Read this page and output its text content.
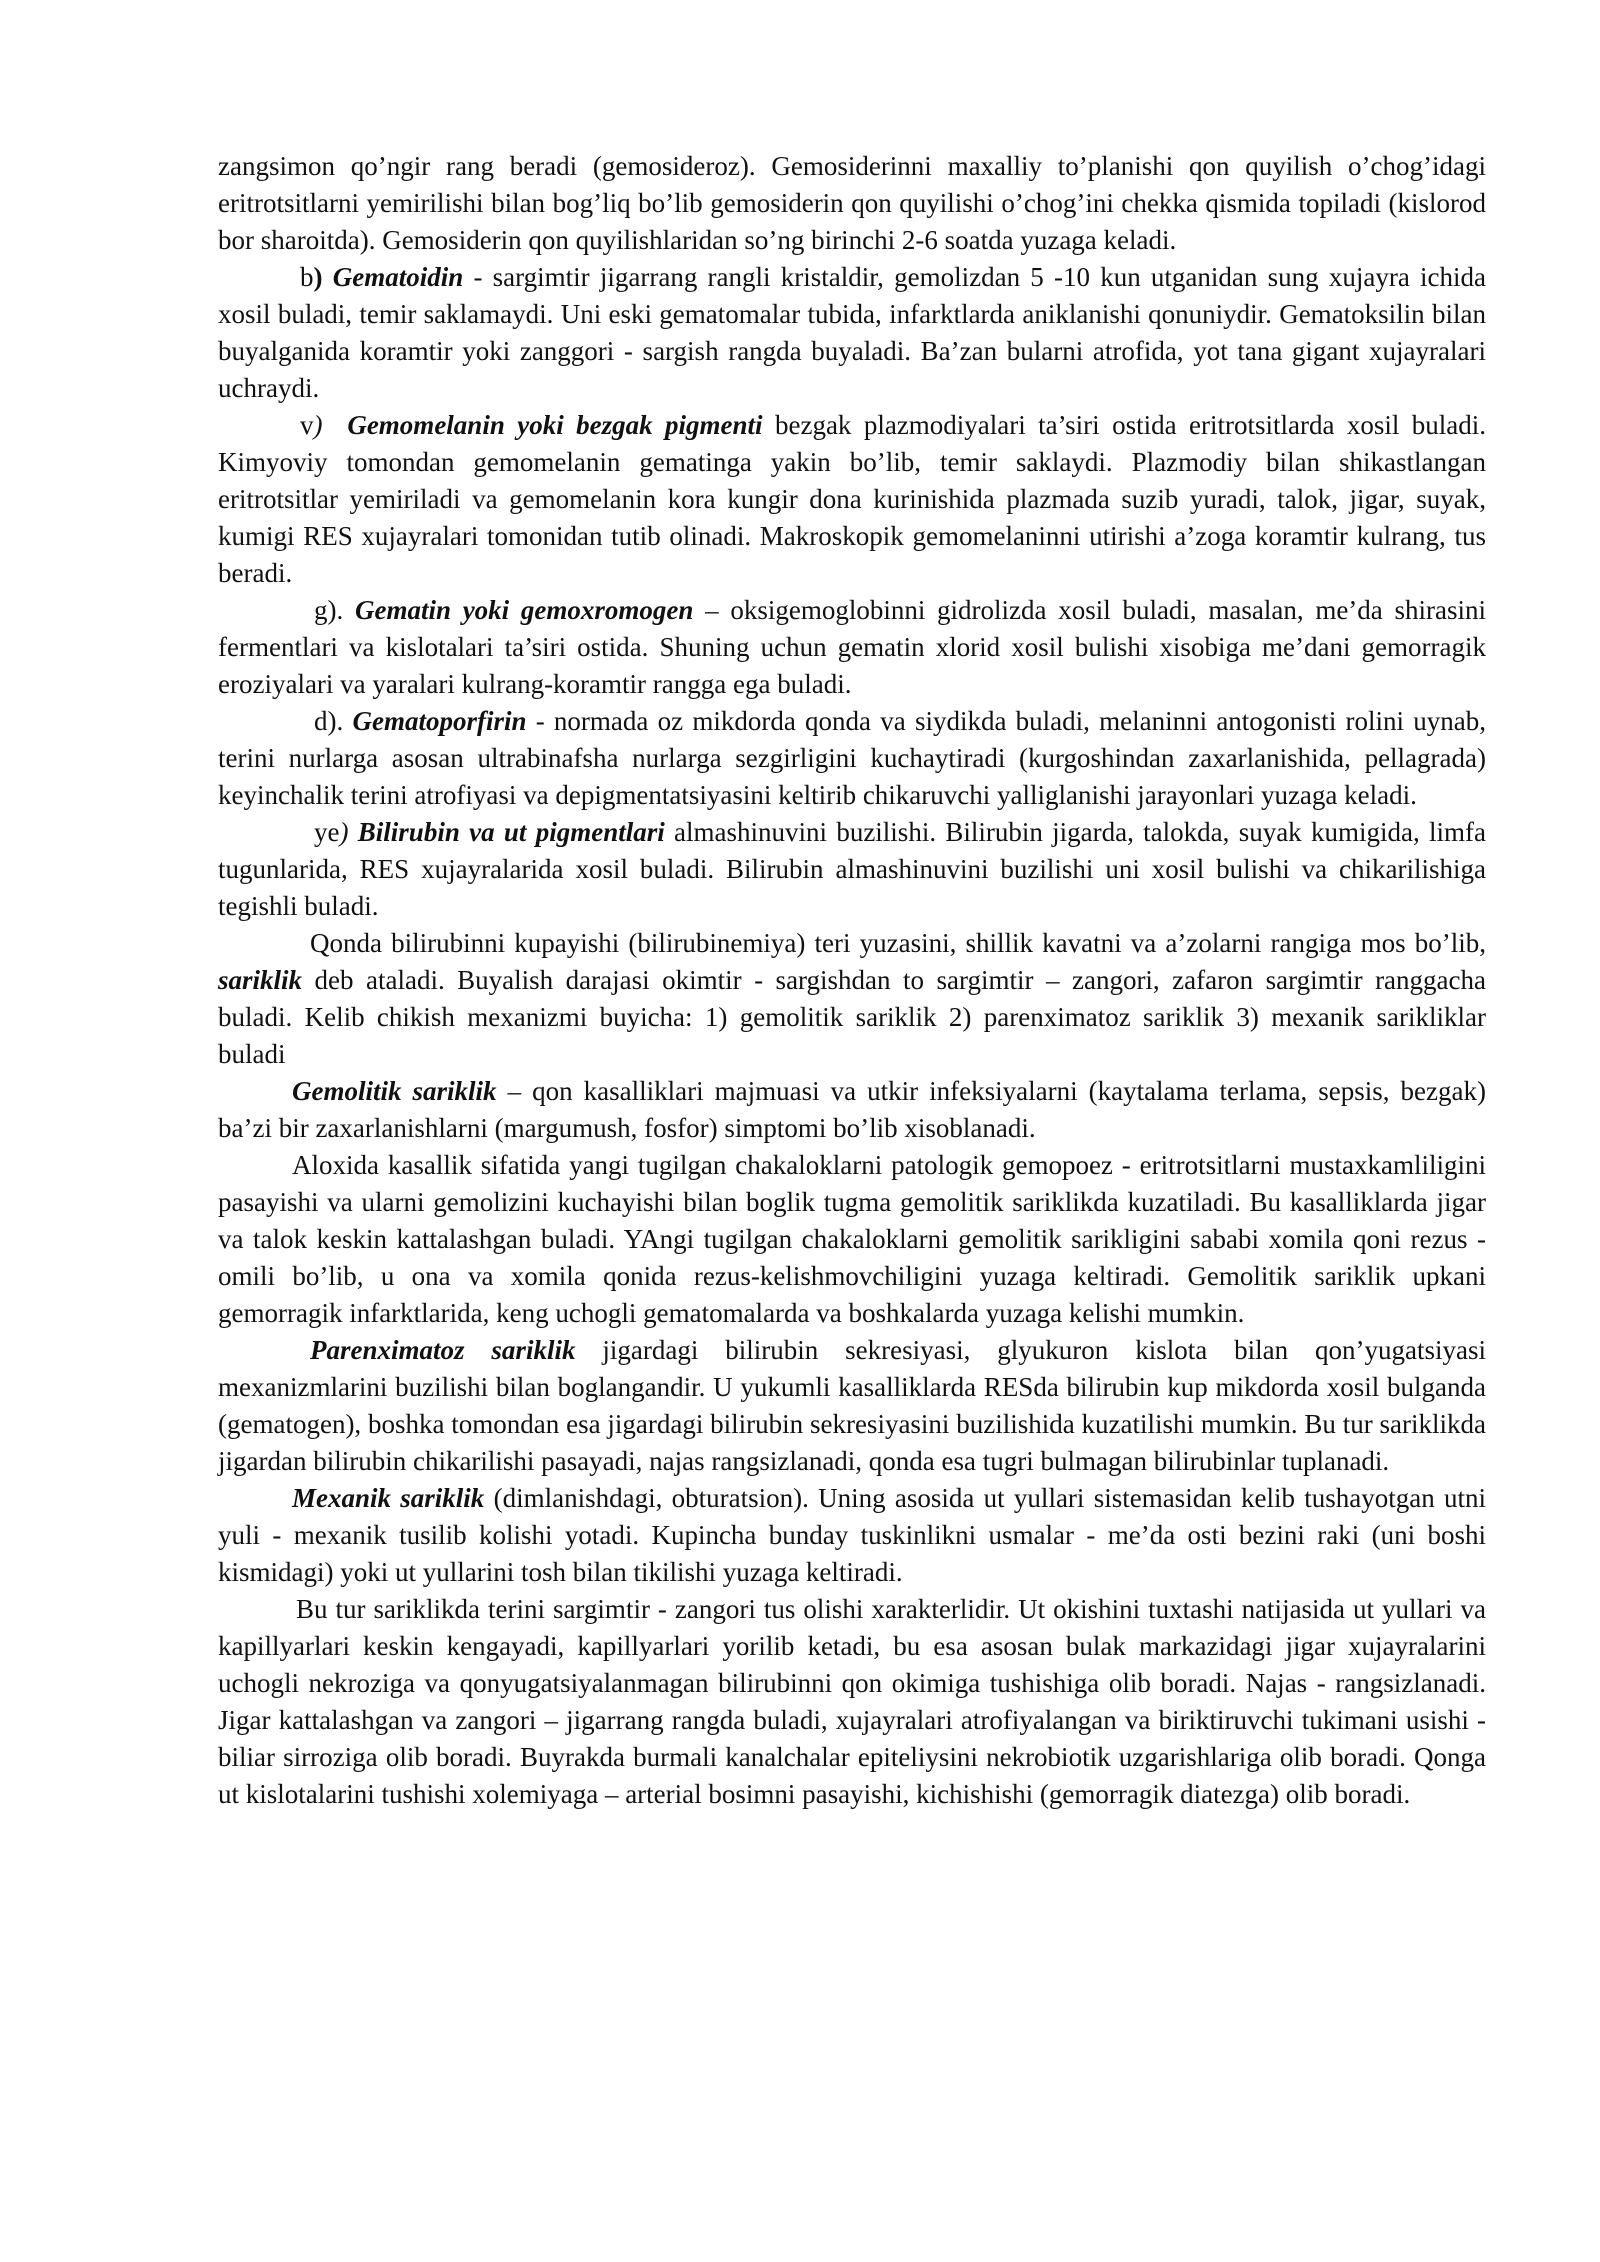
zangsimon qo’ngir rang beradi (gemosideroz). Gemosiderinni maxalliy to’planishi qon quyilish o’chog’idagi eritrotsitlarni yemirilishi bilan bog’liq bo’lib gemosiderin qon quyilishi o’chog’ini chekka qismida topiladi (kislorod bor sharoitda). Gemosiderin qon quyilishlaridan so’ng birinchi 2-6 soatda yuzaga keladi.

b) Gematoidin - sargimtir jigarrang rangli kristaldir, gemolizdan 5 -10 kun utganidan sung xujayra ichida xosil buladi, temir saklamaydi. Uni eski gematomalar tubida, infarktlarda aniklanishi qonuniydir. Gematoksilin bilan buyalganida koramtir yoki zanggori - sargish rangda buyaladi. Ba’zan bularni atrofida, yot tana gigant xujayralari uchraydi.

v) Gemomelanin yoki bezgak pigmenti bezgak plazmodiyalari ta’siri ostida eritrotsitlarda xosil buladi. Kimyoviy tomondan gemomelanin gematinga yakin bo’lib, temir saklaydi. Plazmodiy bilan shikastlangan eritrotsitlar yemiriladi va gemomelanin kora kungir dona kurinishida plazmada suzib yuradi, talok, jigar, suyak, kumigi RES xujayralari tomonidan tutib olinadi. Makroskopik gemomelaninni utirishi a’zoga koramtir kulrang, tus beradi.

g). Gematin yoki gemoxromogen – oksigemoglobinni gidrolizda xosil buladi, masalan, me’da shirasini fermentlari va kislotalari ta’siri ostida. Shuning uchun gematin xlorid xosil bulishi xisobiga me’dani gemorragik eroziyalari va yaralari kulrang-koramtir rangga ega buladi.

d). Gematoporfirin - normada oz mikdorda qonda va siydikda buladi, melaninni antogonisti rolini uynab, terini nurlarga asosan ultrabinafsha nurlarga sezgirligini kuchaytiradi (kurgoshindan zaxarlanishida, pellagrada) keyinchalik terini atrofiyasi va depigmentatsiyasini keltirib chikaruvchi yalliglanishi jarayonlari yuzaga keladi.

ye) Bilirubin va ut pigmentlari almashinuvini buzilishi. Bilirubin jigarda, talokda, suyak kumigida, limfa tugunlarida, RES xujayralarida xosil buladi. Bilirubin almashinuvini buzilishi uni xosil bulishi va chikarilishiga tegishli buladi.

Qonda bilirubinni kupayishi (bilirubinemiya) teri yuzasini, shillik kavatni va a’zolarni rangiga mos bo’lib, sariklik deb ataladi. Buyalish darajasi okimtir - sargishdan to sargimtir – zangori, zafaron sargimtir ranggacha buladi. Kelib chikish mexanizmi buyicha: 1) gemolitik sariklik 2) parenximatoz sariklik 3) mexanik sarikliklar buladi

Gemolitik sariklik – qon kasalliklari majmuasi va utkir infeksiyalarni (kaytalama terlama, sepsis, bezgak) ba’zi bir zaxarlanishlarni (margumush, fosfor) simptomi bo’lib xisoblanadi.

Aloxida kasallik sifatida yangi tugilgan chakaloklarni patologik gemopoez - eritrotsitlarni mustaxkamliligini pasayishi va ularni gemolizini kuchayishi bilan boglik tugma gemolitik sariklikda kuzatiladi. Bu kasalliklarda jigar va talok keskin kattalashgan buladi. YAngi tugilgan chakaloklarni gemolitik sarikligini sababi xomila qoni rezus - omili bo’lib, u ona va xomila qonida rezus-kelishmovchiligini yuzaga keltiradi. Gemolitik sariklik upkani gemorragik infarktlarida, keng uchogli gematomalarda va boshkalarda yuzaga kelishi mumkin.

Parenximatoz sariklik jigardagi bilirubin sekresiyasi, glyukuron kislota bilan qon’yugatsiyasi mexanizmlarini buzilishi bilan boglangandir. U yukumli kasalliklarda RESda bilirubin kup mikdorda xosil bulganda (gematogen), boshka tomondan esa jigardagi bilirubin sekresiyasini buzilishida kuzatilishi mumkin. Bu tur sariklikda jigardan bilirubin chikarilishi pasayadi, najas rangsizlanadi, qonda esa tugri bulmagan bilirubinlar tuplanadi.

Mexanik sariklik (dimlanishdagi, obturatsion). Uning asosida ut yullari sistemasidan kelib tushayotgan utni yuli - mexanik tusilib kolishi yotadi. Kupincha bunday tuskinlikni usmalar - me’da osti bezini raki (uni boshi kismidagi) yoki ut yullarini tosh bilan tikilishi yuzaga keltiradi.

Bu tur sariklikda terini sargimtir - zangori tus olishi xarakterlidir. Ut okishini tuxtashi natijasida ut yullari va kapillyarlari keskin kengayadi, kapillyarlari yorilib ketadi, bu esa asosan bulak markazidagi jigar xujayralarini uchogli nekroziga va qonyugatsiyalanmagan bilirubinni qon okimiga tushishiga olib boradi. Najas - rangsizlanadi. Jigar kattalashgan va zangori – jigarrang rangda buladi, xujayralari atrofiyalangan va biriktiruvchi tukimani usishi - biliar sirroziga olib boradi. Buyrakda burmali kanalchalar epiteliysini nekrobiotik uzgarishlariga olib boradi. Qonga ut kislotalarini tushishi xolemiyaga – arterial bosimni pasayishi, kichishishi (gemorragik diatezga) olib boradi.
